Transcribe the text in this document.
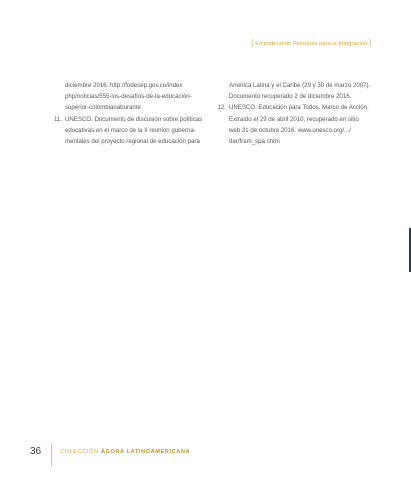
[ Empoderando Personas para la Integración ]
diciembre 2016. http://fodesep.gov.co/index
php/noticias/555-los-desafíos-de-la-educación-
superior-colombianaburante
11. UNESCO. Documento de discusión sobre políticas
educativas en el marco de la II reunión guberna-
mentales del proyecto regional de educación para
América Latina y el Caribe (29 y 30 de marzo 2007).
Documento recuperado 2 de diciembre 2016.
12. UNESCO. Educación para Todos. Marco de Acción.
Extraído el 29 de abril 2010, recuperado en sitio
web 31 de octubre 2016. www.unesco.org/.../
dar/fram_spa.shtm
36	COLECCIÓN ÁGORA LATINOAMERICANA
